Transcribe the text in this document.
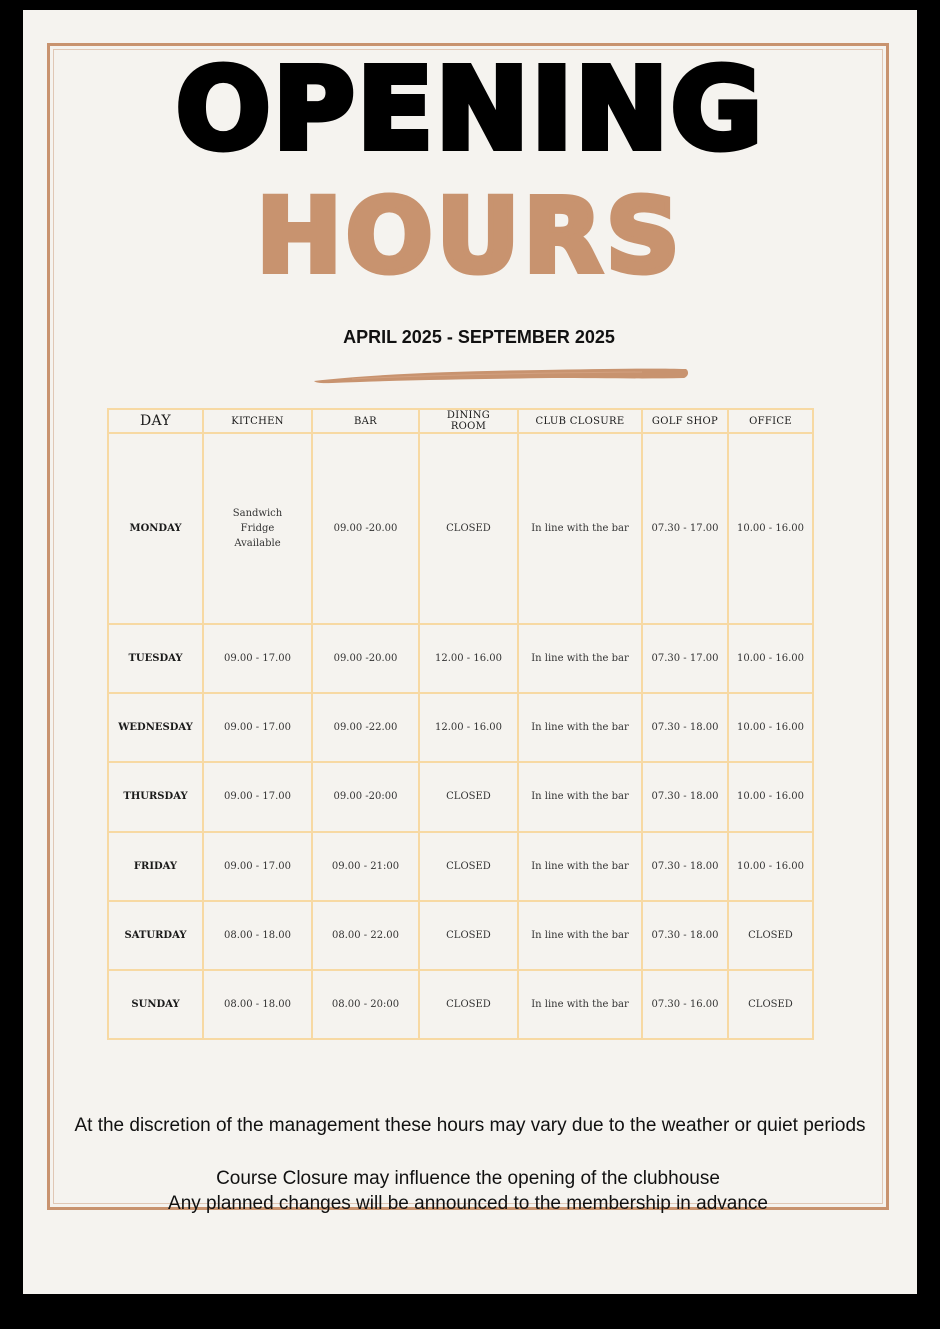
OPENING
HOURS
APRIL 2025 - SEPTEMBER 2025
DAY	KITCHEN	BAR	DINING ROOM	CLUB CLOSURE	GOLF SHOP	OFFICE
MONDAY	Sandwich Fridge Available	09.00 -20.00	CLOSED	In line with the bar	07.30 - 17.00	10.00 - 16.00
TUESDAY	09.00 - 17.00	09.00 -20.00	12.00 - 16.00	In line with the bar	07.30 - 17.00	10.00 - 16.00
WEDNESDAY	09.00 - 17.00	09.00 -22.00	12.00 - 16.00	In line with the bar	07.30 - 18.00	10.00 - 16.00
THURSDAY	09.00 - 17.00	09.00 -20:00	CLOSED	In line with the bar	07.30 - 18.00	10.00 - 16.00
FRIDAY	09.00 - 17.00	09.00 - 21:00	CLOSED	In line with the bar	07.30 - 18.00	10.00 - 16.00
SATURDAY	08.00 - 18.00	08.00 - 22.00	CLOSED	In line with the bar	07.30 - 18.00	CLOSED
SUNDAY	08.00 - 18.00	08.00 - 20:00	CLOSED	In line with the bar	07.30 - 16.00	CLOSED
At the discretion of the management these hours may vary due to the weather or quiet periods
Course Closure may influence the opening of the clubhouse
Any planned changes will be announced to the membership in advance
